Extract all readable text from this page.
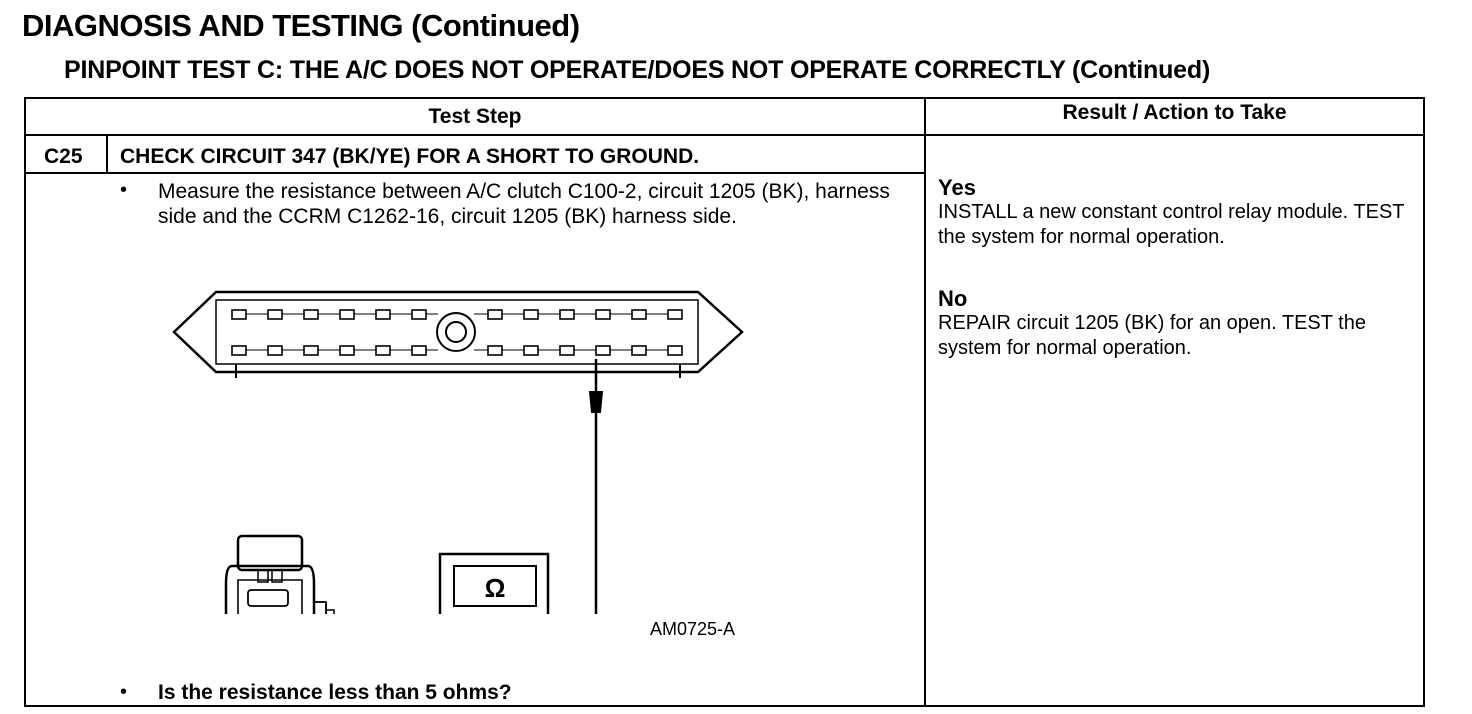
DIAGNOSIS AND TESTING (Continued)
PINPOINT TEST C: THE A/C DOES NOT OPERATE/DOES NOT OPERATE CORRECTLY (Continued)
Test Step	Result / Action to Take
C25 CHECK CIRCUIT 347 (BK/YE) FOR A SHORT TO GROUND.
• Measure the resistance between A/C clutch C100-2, circuit 1205 (BK), harness side and the CCRM C1262-16, circuit 1205 (BK) harness side.
• Is the resistance less than 5 ohms?
AM0725-A
Yes
INSTALL a new constant control relay module. TEST the system for normal operation.
No
REPAIR circuit 1205 (BK) for an open. TEST the system for normal operation.
Ω
